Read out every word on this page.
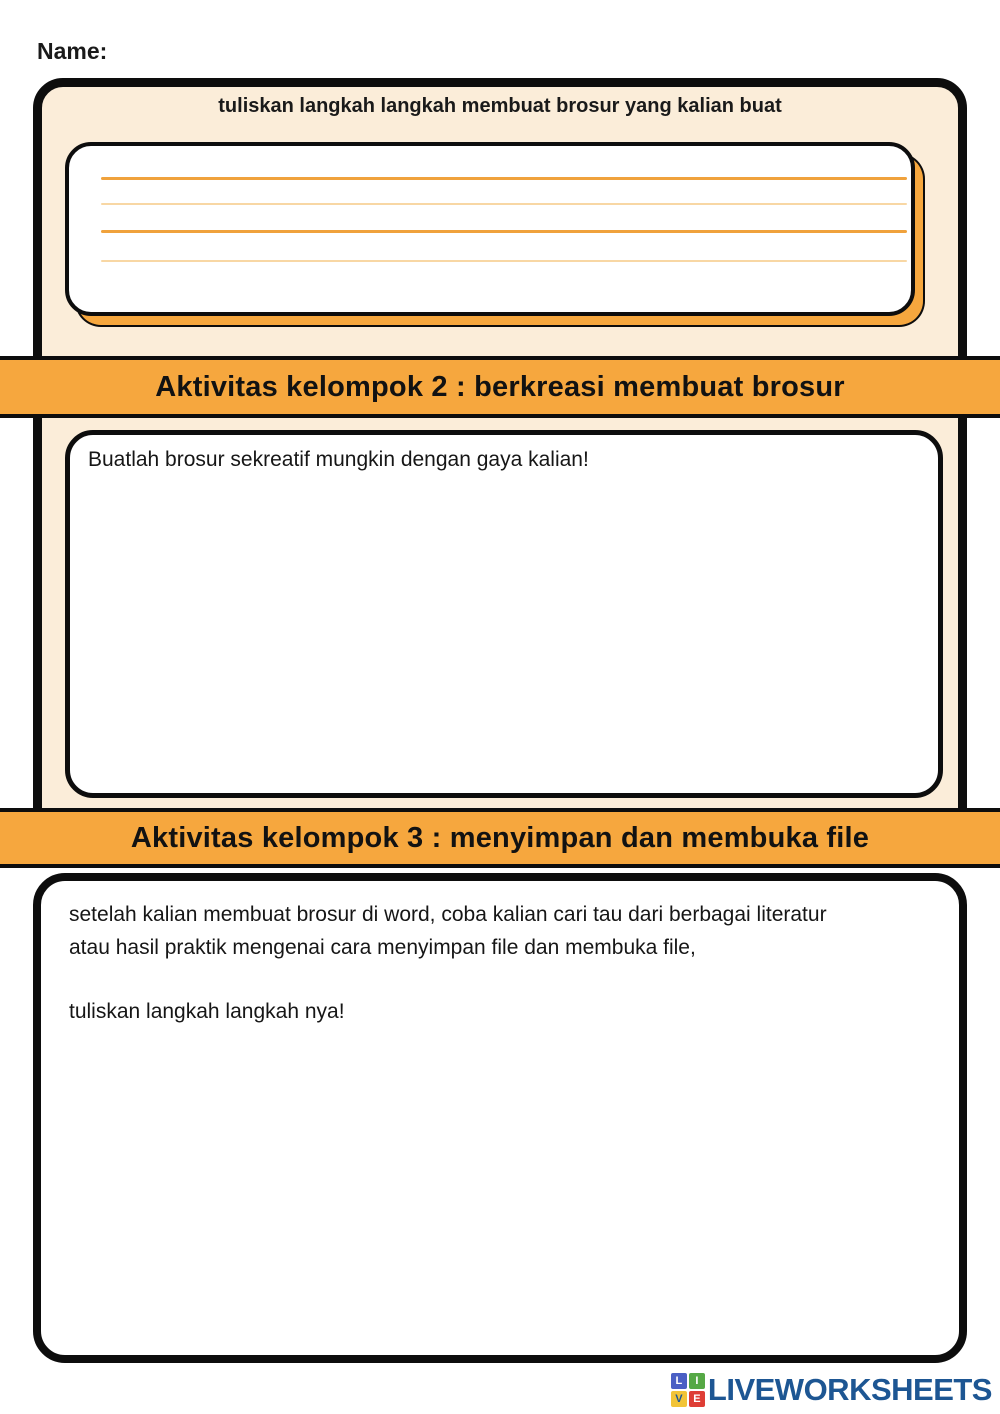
Name:
tuliskan langkah langkah membuat brosur yang kalian buat
Aktivitas kelompok 2 : berkreasi membuat brosur
Buatlah brosur sekreatif mungkin dengan gaya kalian!
Aktivitas kelompok 3 : menyimpan dan membuka file
setelah kalian membuat brosur di word, coba kalian cari tau dari berbagai literatur
atau hasil praktik mengenai cara menyimpan file dan membuka file,
tuliskan langkah langkah nya!
L	I
V E LIVEWORKSHEETS
